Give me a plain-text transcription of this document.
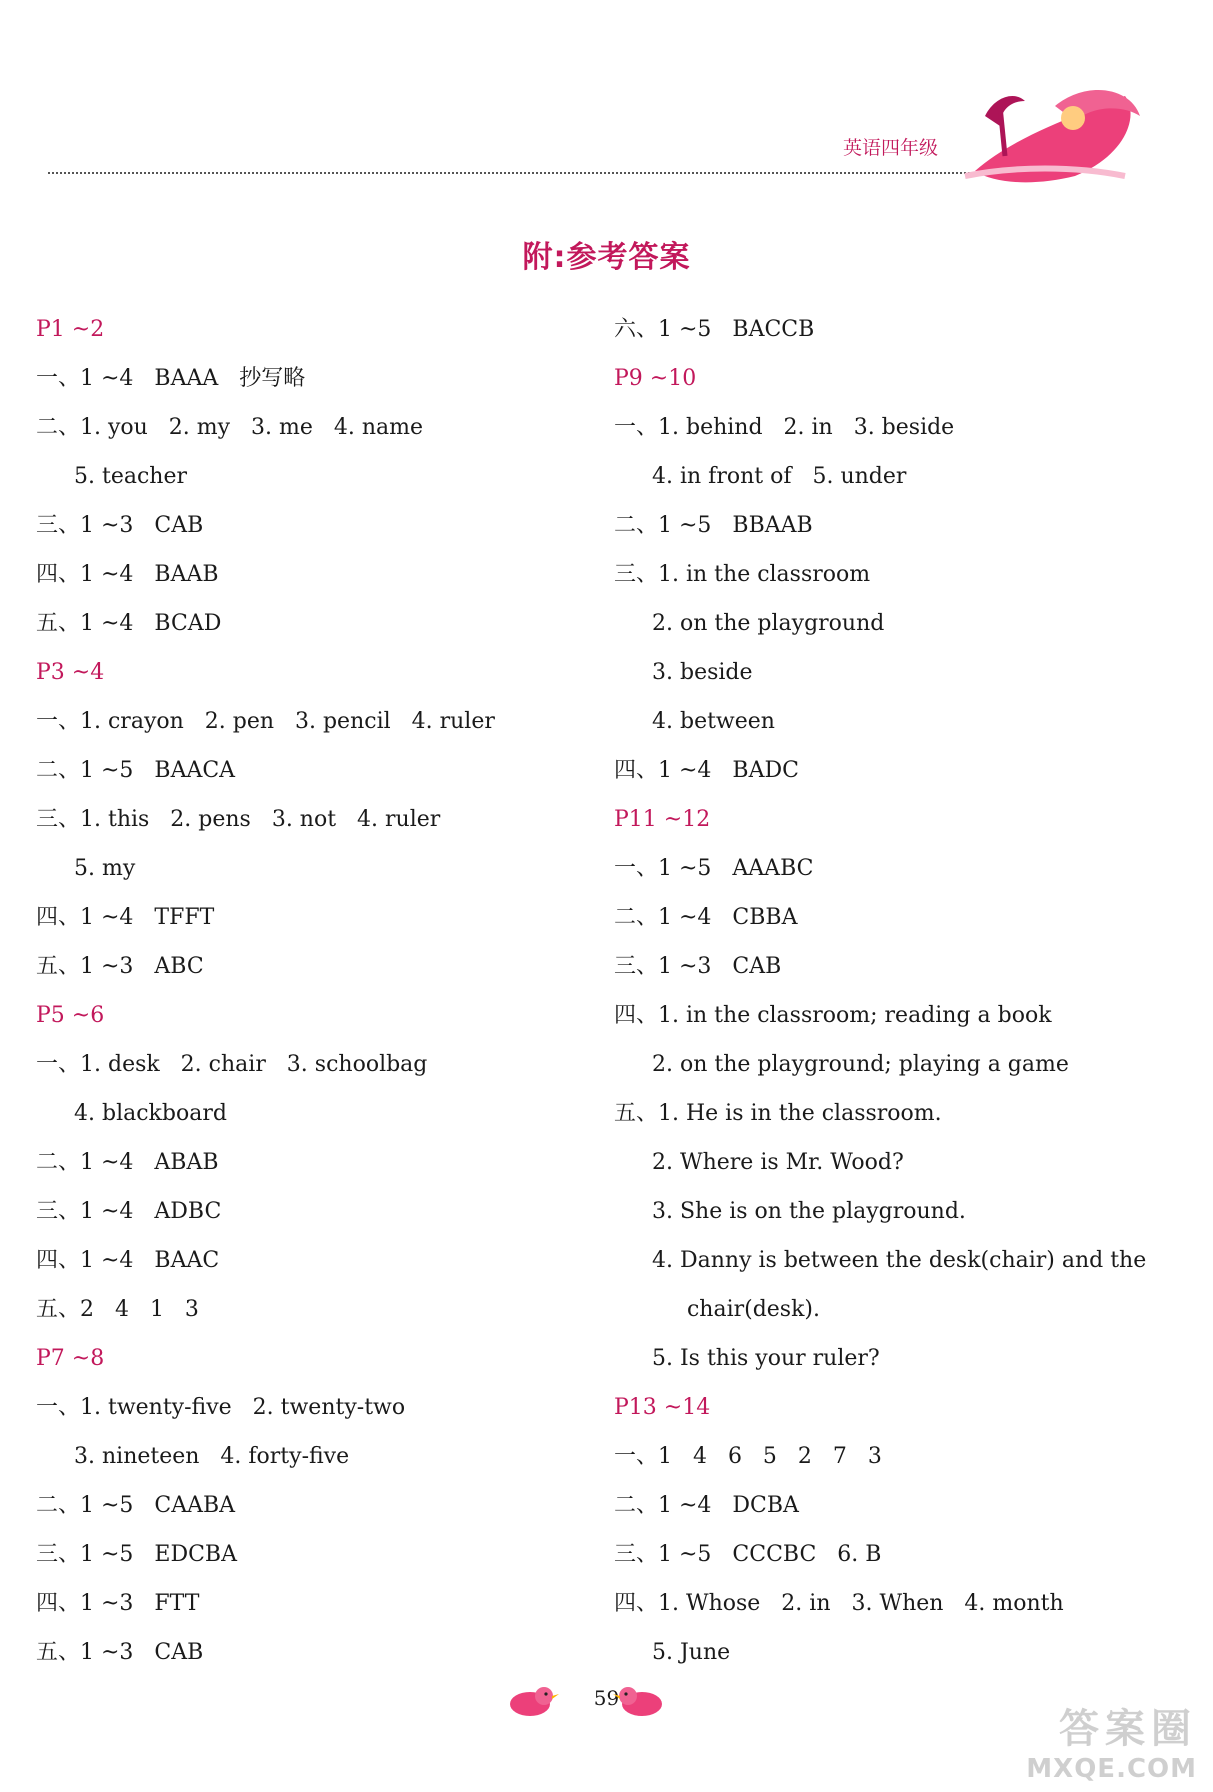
英语四年级
附:参考答案
P1 ~2
一、1 ~4   BAAA   抄写略
二、1. you   2. my   3. me   4. name
5. teacher
三、1 ~3   CAB
四、1 ~4   BAAB
五、1 ~4   BCAD
P3 ~4
一、1. crayon   2. pen   3. pencil   4. ruler
二、1 ~5   BAACA
三、1. this   2. pens   3. not   4. ruler
5. my
四、1 ~4   TFFT
五、1 ~3   ABC
P5 ~6
一、1. desk   2. chair   3. schoolbag
4. blackboard
二、1 ~4   ABAB
三、1 ~4   ADBC
四、1 ~4   BAAC
五、2   4   1   3
P7 ~8
一、1. twenty-five   2. twenty-two
3. nineteen   4. forty-five
二、1 ~5   CAABA
三、1 ~5   EDCBA
四、1 ~3   FTT
五、1 ~3   CAB
六、1 ~5   BACCB
P9 ~10
一、1. behind   2. in   3. beside
4. in front of   5. under
二、1 ~5   BBAAB
三、1. in the classroom
2. on the playground
3. beside
4. between
四、1 ~4   BADC
P11 ~12
一、1 ~5   AAABC
二、1 ~4   CBBA
三、1 ~3   CAB
四、1. in the classroom; reading a book
2. on the playground; playing a game
五、1. He is in the classroom.
2. Where is Mr. Wood?
3. She is on the playground.
4. Danny is between the desk(chair) and the
chair(desk).
5. Is this your ruler?
P13 ~14
一、1   4   6   5   2   7   3
二、1 ~4   DCBA
三、1 ~5   CCCBC   6. B
四、1. Whose   2. in   3. When   4. month
5. June
59
答案圈
MXQE.COM
